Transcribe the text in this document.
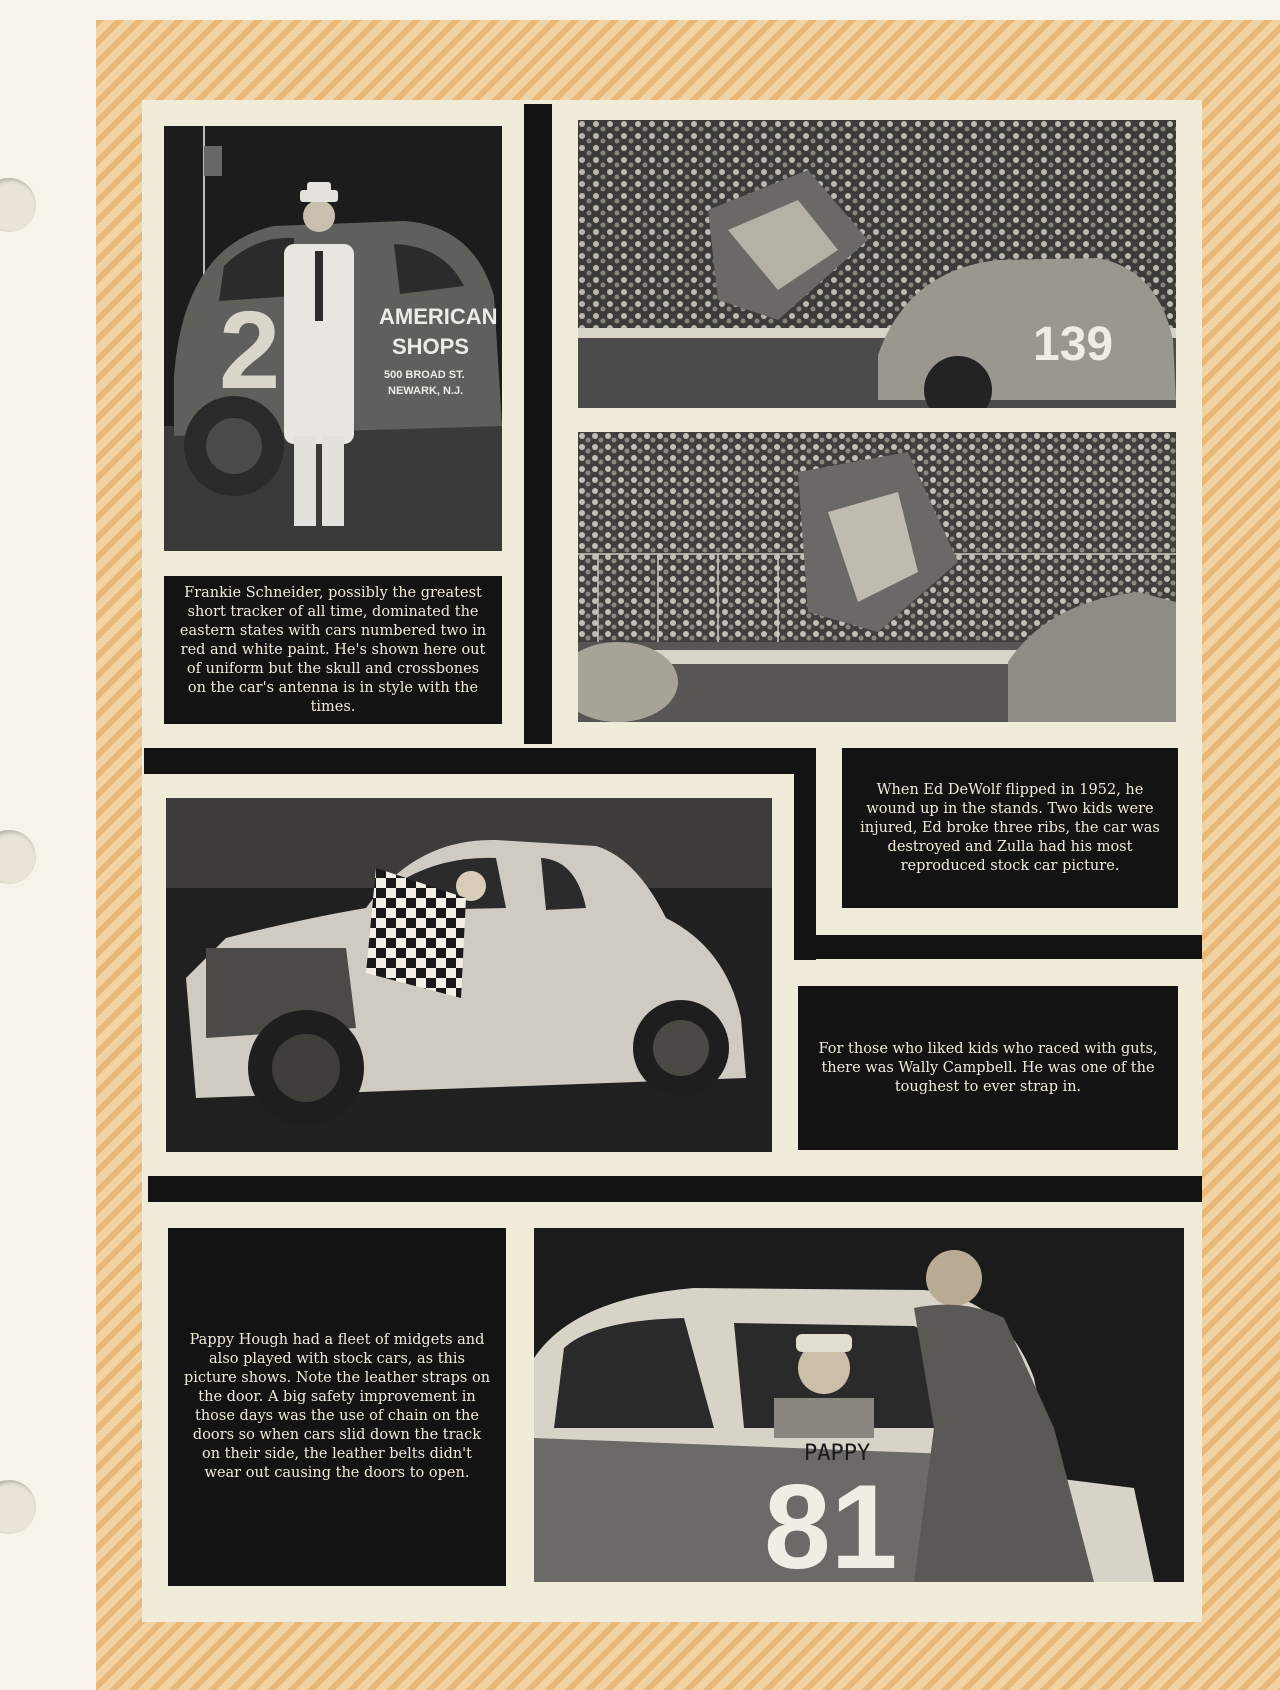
2	AMERICAN
SHOPS
500 BROAD ST.
NEWARK, N.J.
Frankie Schneider, possibly the greatest short tracker of all time, dominated the eastern states with cars numbered two in red and white paint. He's shown here out of uniform but the skull and crossbones on the car's antenna is in style with the times.
139
When Ed DeWolf flipped in 1952, he wound up in the stands. Two kids were injured, Ed broke three ribs, the car was destroyed and Zulla had his most reproduced stock car picture.
For those who liked kids who raced with guts, there was Wally Campbell. He was one of the toughest to ever strap in.
Pappy Hough had a fleet of midgets and also played with stock cars, as this picture shows. Note the leather straps on the door. A big safety improvement in those days was the use of chain on the doors so when cars slid down the track on their side, the leather belts didn't wear out causing the doors to open.
PAPPY
81
